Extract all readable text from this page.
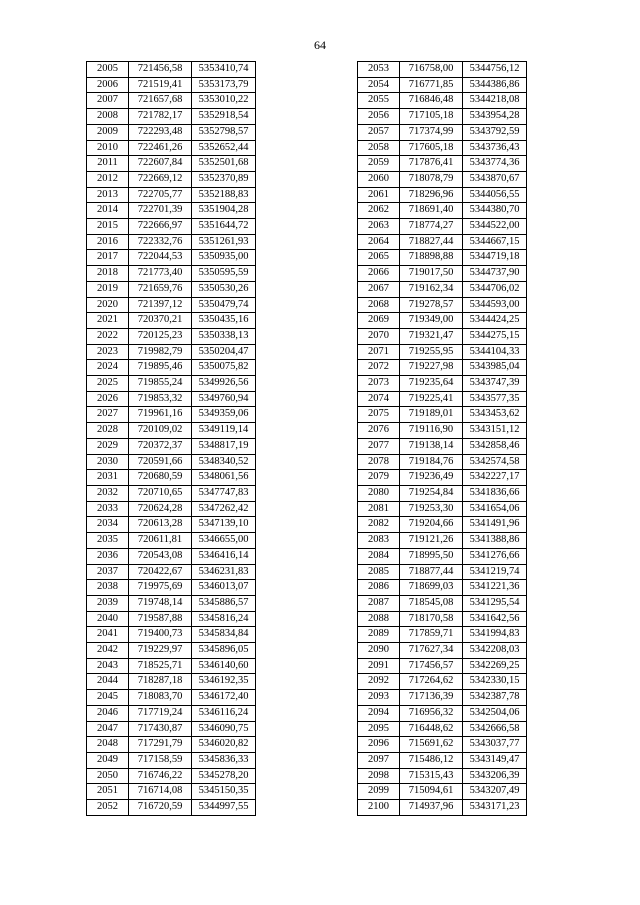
64
2005	721456,58	5353410,74
2006	721519,41	5353173,79
2007	721657,68	5353010,22
2008	721782,17	5352918,54
2009	722293,48	5352798,57
2010	722461,26	5352652,44
2011	722607,84	5352501,68
2012	722669,12	5352370,89
2013	722705,77	5352188,83
2014	722701,39	5351904,28
2015	722666,97	5351644,72
2016	722332,76	5351261,93
2017	722044,53	5350935,00
2018	721773,40	5350595,59
2019	721659,76	5350530,26
2020	721397,12	5350479,74
2021	720370,21	5350435,16
2022	720125,23	5350338,13
2023	719982,79	5350204,47
2024	719895,46	5350075,82
2025	719855,24	5349926,56
2026	719853,32	5349760,94
2027	719961,16	5349359,06
2028	720109,02	5349119,14
2029	720372,37	5348817,19
2030	720591,66	5348340,52
2031	720680,59	5348061,56
2032	720710,65	5347747,83
2033	720624,28	5347262,42
2034	720613,28	5347139,10
2035	720611,81	5346655,00
2036	720543,08	5346416,14
2037	720422,67	5346231,83
2038	719975,69	5346013,07
2039	719748,14	5345886,57
2040	719587,88	5345816,24
2041	719400,73	5345834,84
2042	719229,97	5345896,05
2043	718525,71	5346140,60
2044	718287,18	5346192,35
2045	718083,70	5346172,40
2046	717719,24	5346116,24
2047	717430,87	5346090,75
2048	717291,79	5346020,82
2049	717158,59	5345836,33
2050	716746,22	5345278,20
2051	716714,08	5345150,35
2052	716720,59	5344997,55
2053	716758,00	5344756,12
2054	716771,85	5344386,86
2055	716846,48	5344218,08
2056	717105,18	5343954,28
2057	717374,99	5343792,59
2058	717605,18	5343736,43
2059	717876,41	5343774,36
2060	718078,79	5343870,67
2061	718296,96	5344056,55
2062	718691,40	5344380,70
2063	718774,27	5344522,00
2064	718827,44	5344667,15
2065	718898,88	5344719,18
2066	719017,50	5344737,90
2067	719162,34	5344706,02
2068	719278,57	5344593,00
2069	719349,00	5344424,25
2070	719321,47	5344275,15
2071	719255,95	5344104,33
2072	719227,98	5343985,04
2073	719235,64	5343747,39
2074	719225,41	5343577,35
2075	719189,01	5343453,62
2076	719116,90	5343151,12
2077	719138,14	5342858,46
2078	719184,76	5342574,58
2079	719236,49	5342227,17
2080	719254,84	5341836,66
2081	719253,30	5341654,06
2082	719204,66	5341491,96
2083	719121,26	5341388,86
2084	718995,50	5341276,66
2085	718877,44	5341219,74
2086	718699,03	5341221,36
2087	718545,08	5341295,54
2088	718170,58	5341642,56
2089	717859,71	5341994,83
2090	717627,34	5342208,03
2091	717456,57	5342269,25
2092	717264,62	5342330,15
2093	717136,39	5342387,78
2094	716956,32	5342504,06
2095	716448,62	5342666,58
2096	715691,62	5343037,77
2097	715486,12	5343149,47
2098	715315,43	5343206,39
2099	715094,61	5343207,49
2100	714937,96	5343171,23
